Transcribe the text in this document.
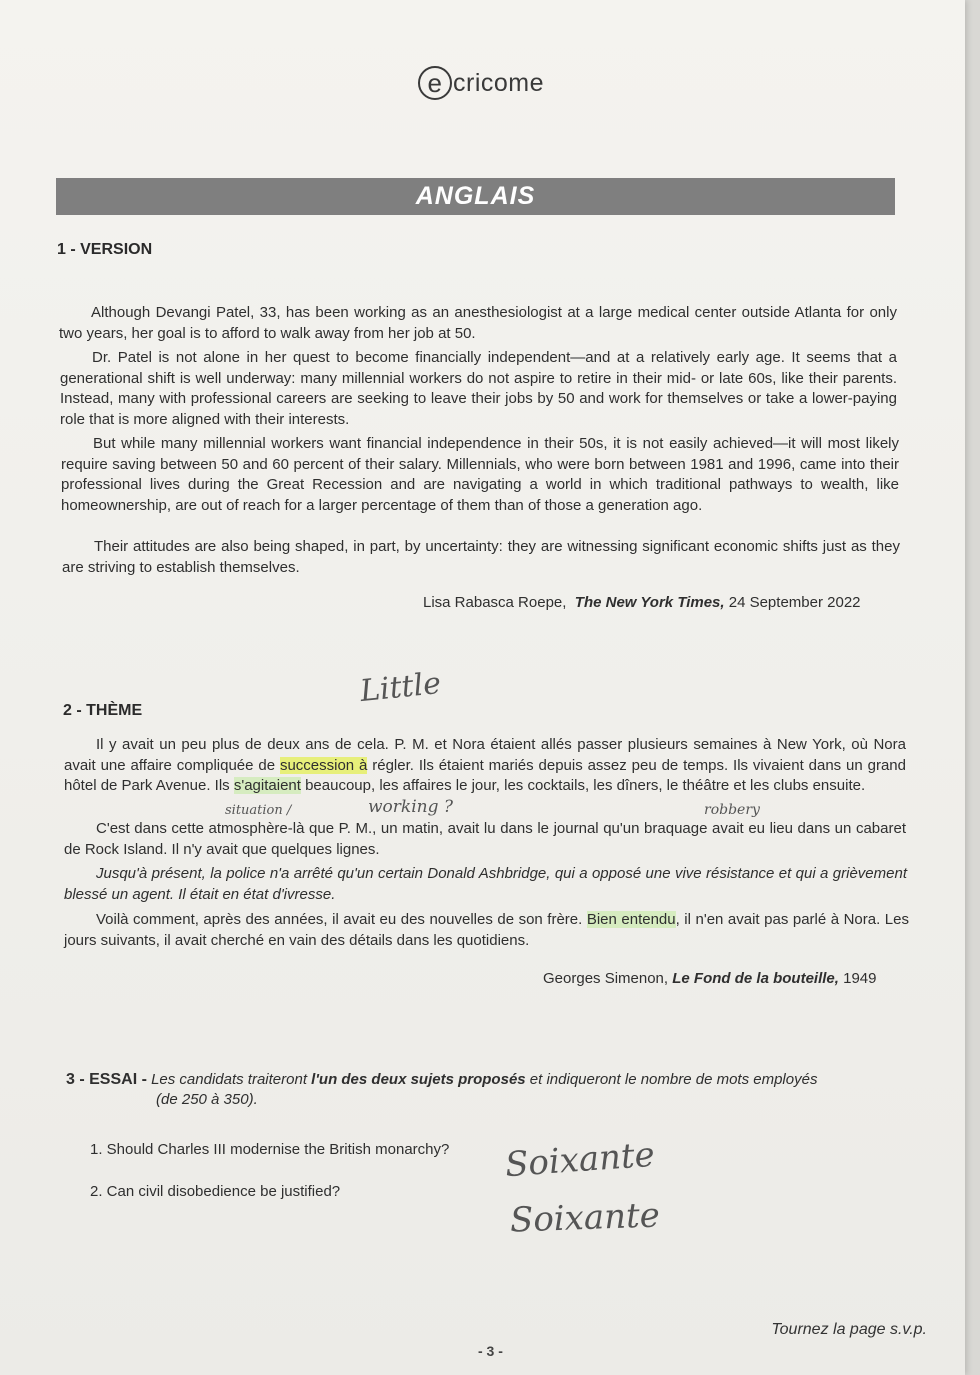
e cricome
ANGLAIS
1 - VERSION

Although Devangi Patel, 33, has been working as an anesthesiologist at a large medical center outside Atlanta for only two years, her goal is to afford to walk away from her job at 50.

Dr. Patel is not alone in her quest to become financially independent—and at a relatively early age. It seems that a generational shift is well underway: many millennial workers do not aspire to retire in their mid- or late 60s, like their parents. Instead, many with professional careers are seeking to leave their jobs by 50 and work for themselves or take a lower-paying role that is more aligned with their interests.

But while many millennial workers want financial independence in their 50s, it is not easily achieved—it will most likely require saving between 50 and 60 percent of their salary. Millennials, who were born between 1981 and 1996, came into their professional lives during the Great Recession and are navigating a world in which traditional pathways to wealth, like homeownership, are out of reach for a larger percentage of them than of those a generation ago.

Their attitudes are also being shaped, in part, by uncertainty: they are witnessing significant economic shifts just as they are striving to establish themselves.

Lisa Rabasca Roepe, The New York Times, 24 September 2022
2 - THÈME
Little
situation /	working ?	robbery

Il y avait un peu plus de deux ans de cela. P. M. et Nora étaient allés passer plusieurs semaines à New York, où Nora avait une affaire compliquée de succession à régler. Ils étaient mariés depuis assez peu de temps. Ils vivaient dans un grand hôtel de Park Avenue. Ils s'agitaient beaucoup, les affaires le jour, les cocktails, les dîners, le théâtre et les clubs ensuite.

C'est dans cette atmosphère-là que P. M., un matin, avait lu dans le journal qu'un braquage avait eu lieu dans un cabaret de Rock Island. Il n'y avait que quelques lignes.

Jusqu'à présent, la police n'a arrêté qu'un certain Donald Ashbridge, qui a opposé une vive résistance et qui a grièvement blessé un agent. Il était en état d'ivresse.

Voilà comment, après des années, il avait eu des nouvelles de son frère. Bien entendu, il n'en avait pas parlé à Nora. Les jours suivants, il avait cherché en vain des détails dans les quotidiens.

Georges Simenon, Le Fond de la bouteille, 1949
3 - ESSAI - Les candidats traiteront l'un des deux sujets proposés et indiqueront le nombre de mots employés
(de 250 à 350).
1. Should Charles III modernise the British monarchy?
2. Can civil disobedience be justified?
Soixante
Soixante
Tournez la page s.v.p.
- 3 -
